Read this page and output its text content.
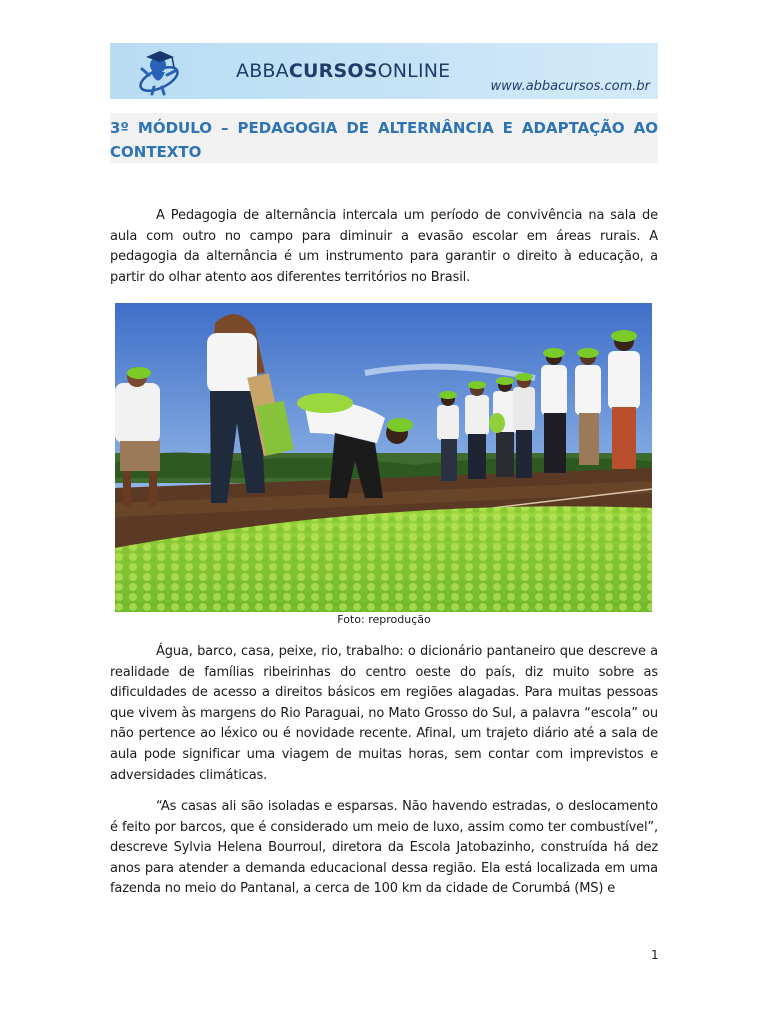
ABBACURSOSONLINE
www.abbacursos.com.br
3º MÓDULO – PEDAGOGIA DE ALTERNÂNCIA E ADAPTAÇÃO AO CONTEXTO

A Pedagogia de alternância intercala um período de convivência na sala de aula com outro no campo para diminuir a evasão escolar em áreas rurais. A pedagogia da alternância é um instrumento para garantir o direito à educação, a partir do olhar atento aos diferentes territórios no Brasil.

Foto: reprodução

Água, barco, casa, peixe, rio, trabalho: o dicionário pantaneiro que descreve a realidade de famílias ribeirinhas do centro oeste do país, diz muito sobre as dificuldades de acesso a direitos básicos em regiões alagadas. Para muitas pessoas que vivem às margens do Rio Paraguai, no Mato Grosso do Sul, a palavra “escola” ou não pertence ao léxico ou é novidade recente. Afinal, um trajeto diário até a sala de aula pode significar uma viagem de muitas horas, sem contar com imprevistos e adversidades climáticas.

“As casas ali são isoladas e esparsas. Não havendo estradas, o deslocamento é feito por barcos, que é considerado um meio de luxo, assim como ter combustível”, descreve Sylvia Helena Bourroul, diretora da Escola Jatobazinho, construída há dez anos para atender a demanda educacional dessa região. Ela está localizada em uma fazenda no meio do Pantanal, a cerca de 100 km da cidade de Corumbá (MS) e

1
